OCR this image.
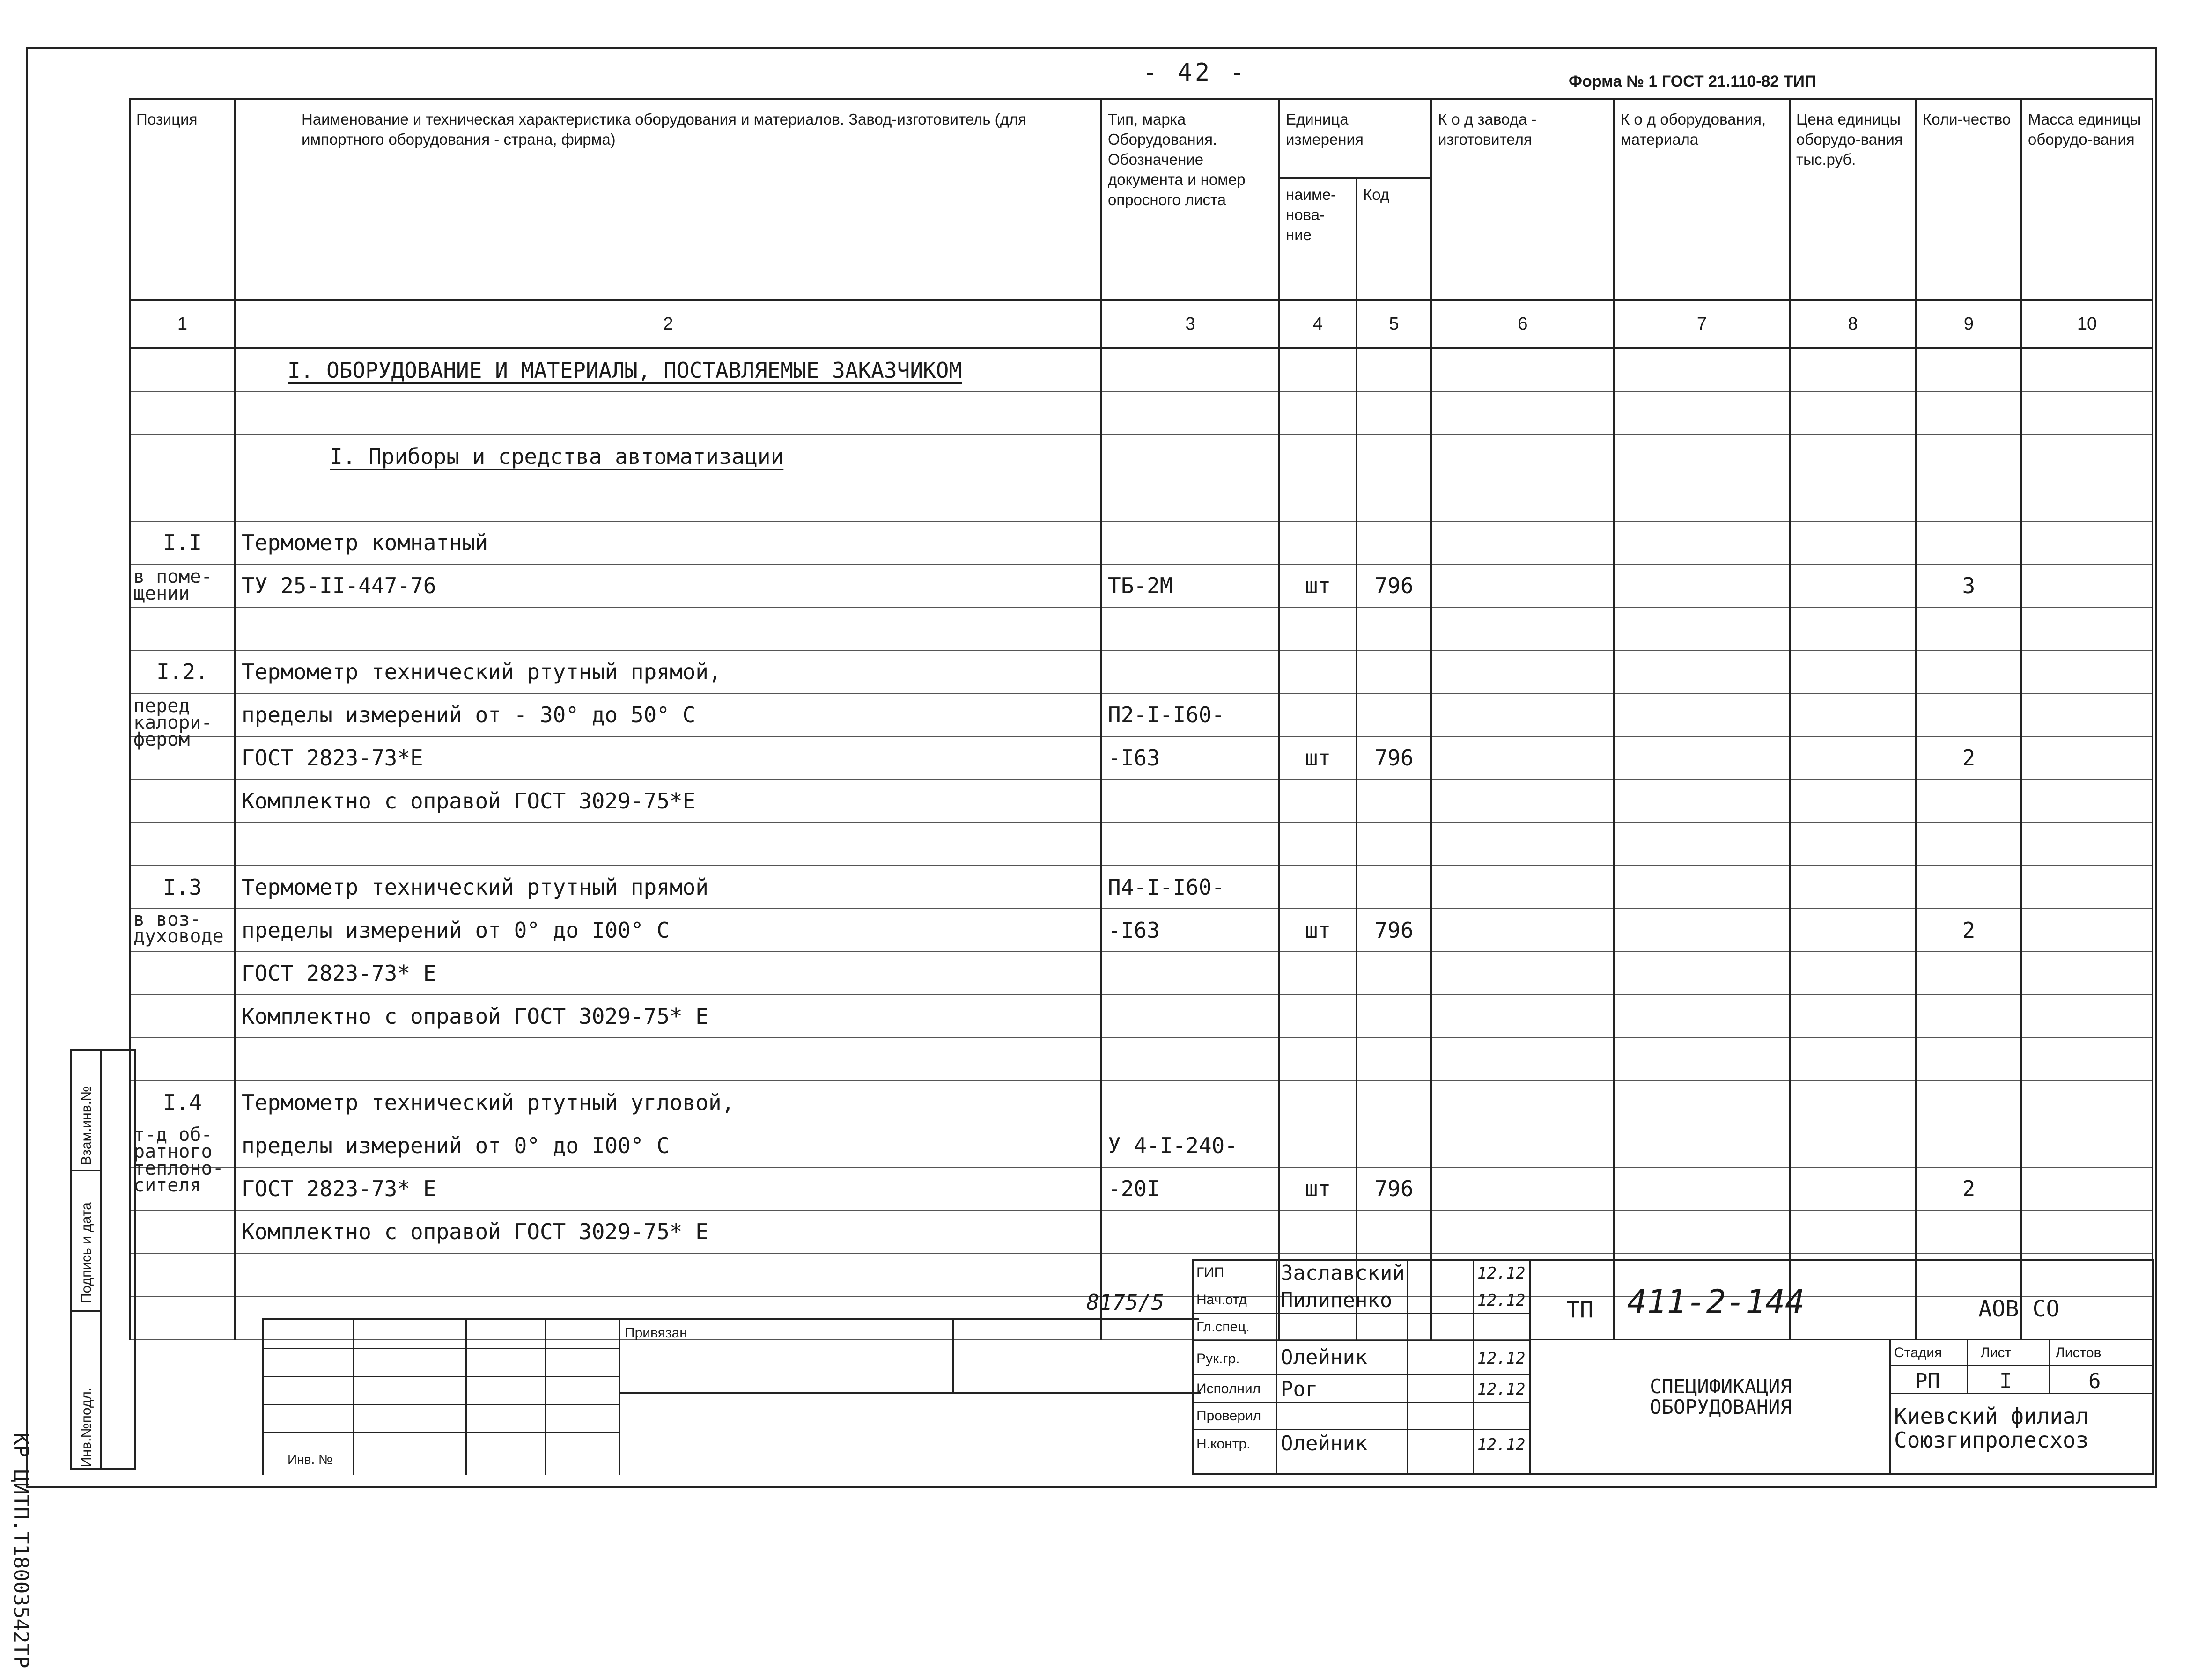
- 42 -	Форма № 1 ГОСТ 21.110-82 ТИП
Позиция	Наименование и техническая характеристика оборудования и материалов. Завод-изготовитель (для импортного оборудования - страна, фирма)	Тип, марка Оборудования. Обозначение документа и номер опросного листа	Единица измерения
наиме-нова-ние
Код		К о д завода - изготовителя	К о д оборудования, материала	Цена единицы оборудо-вания тыс.руб.	Коли-чество	Масса единицы оборудо-вания
1	2	3	4	5	6	7	8	9	10
	I. ОБОРУДОВАНИЕ И МАТЕРИАЛЫ, ПОСТАВЛЯЕМЫЕ ЗАКАЗЧИКОМ								

	I. Приборы и средства автоматизации								

I.I	Термометр комнатный								

в поме-щении	ТУ 25-II-447-76	ТБ-2М	шт	796				3	

I.2.	Термометр технический ртутный прямой,								

перед калори-фером	пределы измерений от - 30° до 50° С	П2-I-I60-							
	ГОСТ 2823-73*Е	-I63	шт	796				2	
	Комплектно с оправой ГОСТ 3029-75*Е								

I.3	Термометр технический ртутный прямой	П4-I-I60-							

в воз-духоводе	пределы измерений от 0° до I00° С	-I63	шт	796				2	
	ГОСТ 2823-73* Е								
	Комплектно с оправой ГОСТ 3029-75* Е								

I.4	Термометр технический ртутный угловой,								

т-д об-ратного теплоно-сителя	пределы измерений от 0° до I00° С	У 4-I-240-							
	ГОСТ 2823-73* Е	-20I	шт	796				2	
	Комплектно с оправой ГОСТ 3029-75* Е								

Взам.инв.№
Подпись и дата
Инв.№подл.
КР ЦИТП.Т18003542ТР
Привязан
Инв. №
8175/5
ГИП	Заславский	12.12
Нач.отд Пилипенко	12.12
Гл.спец.
Рук.гр. Олейник	12.12
Исполнил Рог	12.12
Проверил
Н.контр. Олейник	12.12
ТП 411-2-144	АОВ СО
СПЕЦИФИКАЦИЯ ОБОРУДОВАНИЯ
Стадия	Лист	Листов
РП	I	6
Киевский филиал Союзгипролесхоз
